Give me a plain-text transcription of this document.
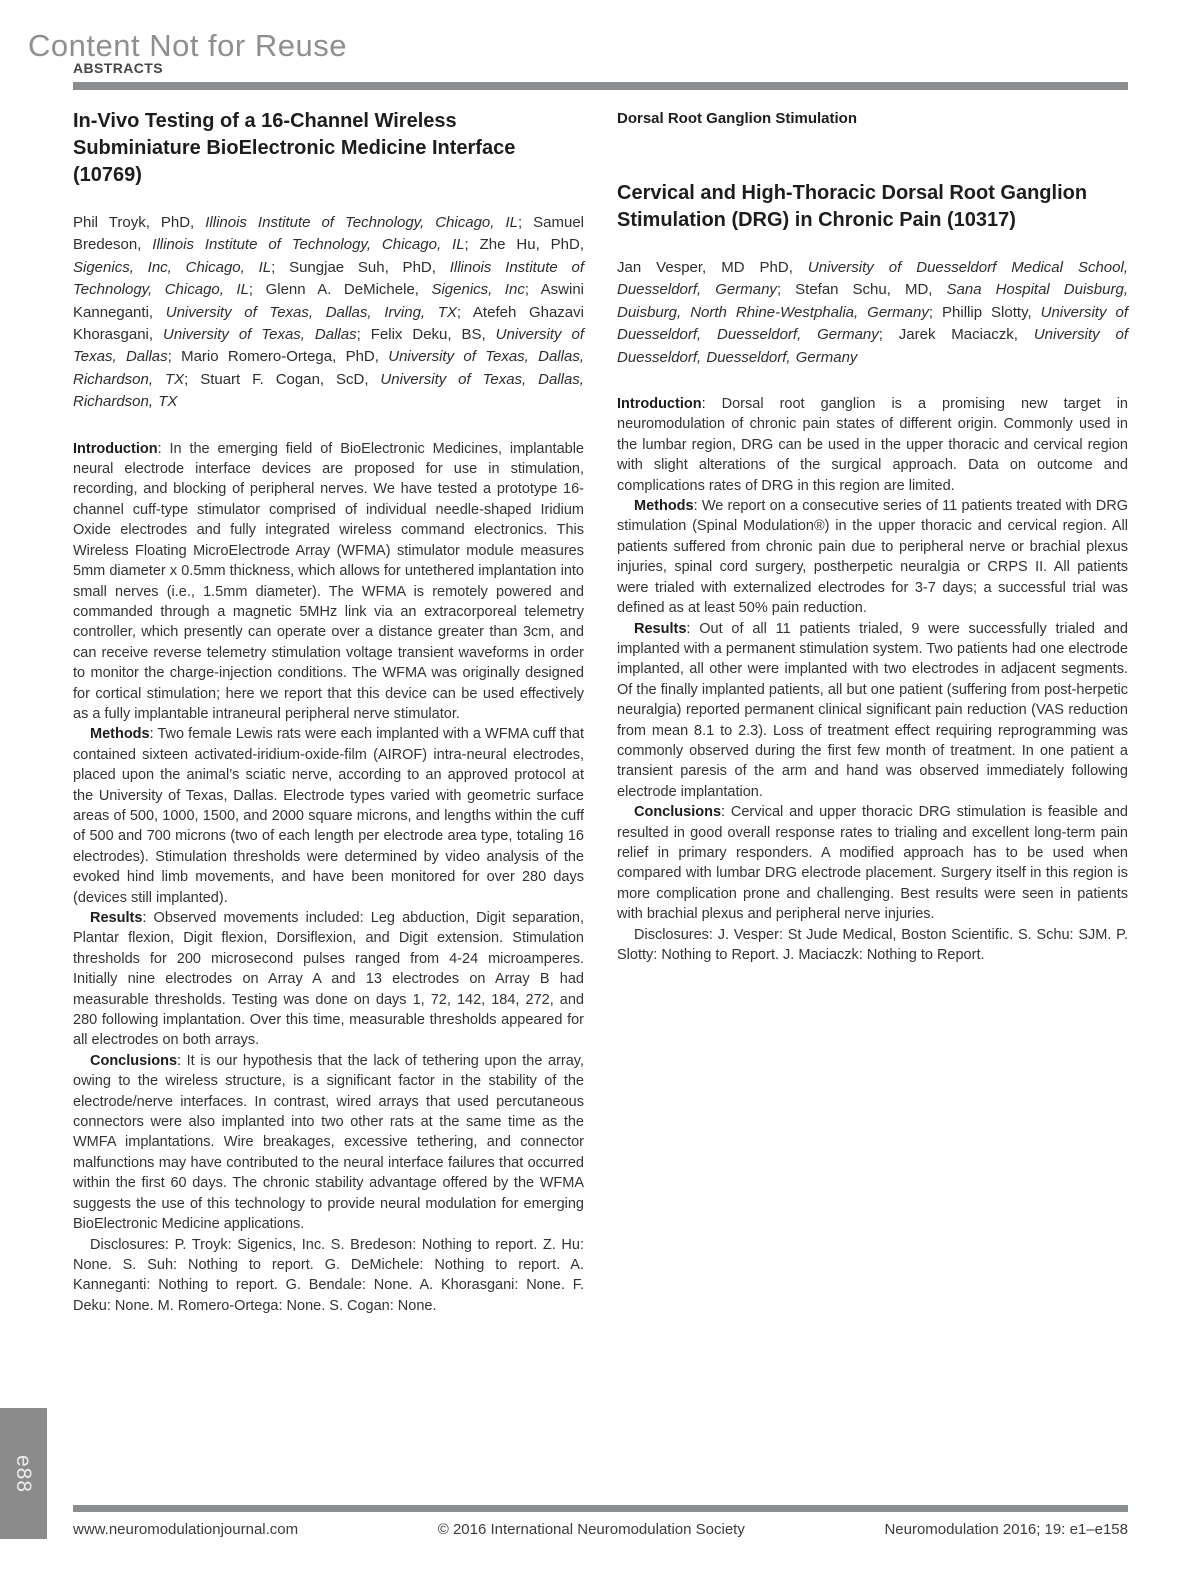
Content Not for Reuse
ABSTRACTS
In-Vivo Testing of a 16-Channel Wireless Subminiature BioElectronic Medicine Interface (10769)

Phil Troyk, PhD, Illinois Institute of Technology, Chicago, IL; Samuel Bredeson, Illinois Institute of Technology, Chicago, IL; Zhe Hu, PhD, Sigenics, Inc, Chicago, IL; Sungjae Suh, PhD, Illinois Institute of Technology, Chicago, IL; Glenn A. DeMichele, Sigenics, Inc; Aswini Kanneganti, University of Texas, Dallas, Irving, TX; Atefeh Ghazavi Khorasgani, University of Texas, Dallas; Felix Deku, BS, University of Texas, Dallas; Mario Romero-Ortega, PhD, University of Texas, Dallas, Richardson, TX; Stuart F. Cogan, ScD, University of Texas, Dallas, Richardson, TX

Introduction : In the emerging field of BioElectronic Medicines, implantable neural electrode interface devices are proposed for use in stimulation, recording, and blocking of peripheral nerves. We have tested a prototype 16-channel cuff-type stimulator comprised of individual needle-shaped Iridium Oxide electrodes and fully integrated wireless command electronics. This Wireless Floating MicroElectrode Array (WFMA) stimulator module measures 5mm diameter x 0.5mm thickness, which allows for untethered implantation into small nerves (i.e., 1.5mm diameter). The WFMA is remotely powered and commanded through a magnetic 5MHz link via an extracorporeal telemetry controller, which presently can operate over a distance greater than 3cm, and can receive reverse telemetry stimulation voltage transient waveforms in order to monitor the charge-injection conditions. The WFMA was originally designed for cortical stimulation; here we report that this device can be used effectively as a fully implantable intraneural peripheral nerve stimulator.

Methods : Two female Lewis rats were each implanted with a WFMA cuff that contained sixteen activated-iridium-oxide-film (AIROF) intra-neural electrodes, placed upon the animal’s sciatic nerve, according to an approved protocol at the University of Texas, Dallas. Electrode types varied with geometric surface areas of 500, 1000, 1500, and 2000 square microns, and lengths within the cuff of 500 and 700 microns (two of each length per electrode area type, totaling 16 electrodes). Stimulation thresholds were determined by video analysis of the evoked hind limb movements, and have been monitored for over 280 days (devices still implanted).

Results : Observed movements included: Leg abduction, Digit separation, Plantar flexion, Digit flexion, Dorsiflexion, and Digit extension. Stimulation thresholds for 200 microsecond pulses ranged from 4-24 microamperes. Initially nine electrodes on Array A and 13 electrodes on Array B had measurable thresholds. Testing was done on days 1, 72, 142, 184, 272, and 280 following implantation. Over this time, measurable thresholds appeared for all electrodes on both arrays.

Conclusions : It is our hypothesis that the lack of tethering upon the array, owing to the wireless structure, is a significant factor in the stability of the electrode/nerve interfaces. In contrast, wired arrays that used percutaneous connectors were also implanted into two other rats at the same time as the WMFA implantations. Wire breakages, excessive tethering, and connector malfunctions may have contributed to the neural interface failures that occurred within the first 60 days. The chronic stability advantage offered by the WFMA suggests the use of this technology to provide neural modulation for emerging BioElectronic Medicine applications.

Disclosures: P. Troyk: Sigenics, Inc. S. Bredeson: Nothing to report. Z. Hu: None. S. Suh: Nothing to report. G. DeMichele: Nothing to report. A. Kanneganti: Nothing to report. G. Bendale: None. A. Khorasgani: None. F. Deku: None. M. Romero-Ortega: None. S. Cogan: None.

Dorsal Root Ganglion Stimulation
Cervical and High-Thoracic Dorsal Root Ganglion Stimulation (DRG) in Chronic Pain (10317)

Jan Vesper, MD PhD, University of Duesseldorf Medical School, Duesseldorf, Germany; Stefan Schu, MD, Sana Hospital Duisburg, Duisburg, North Rhine-Westphalia, Germany; Phillip Slotty, University of Duesseldorf, Duesseldorf, Germany; Jarek Maciaczk, University of Duesseldorf, Duesseldorf, Germany

Introduction : Dorsal root ganglion is a promising new target in neuromodulation of chronic pain states of different origin. Commonly used in the lumbar region, DRG can be used in the upper thoracic and cervical region with slight alterations of the surgical approach. Data on outcome and complications rates of DRG in this region are limited.

Methods : We report on a consecutive series of 11 patients treated with DRG stimulation (Spinal Modulation®) in the upper thoracic and cervical region. All patients suffered from chronic pain due to peripheral nerve or brachial plexus injuries, spinal cord surgery, postherpetic neuralgia or CRPS II. All patients were trialed with externalized electrodes for 3-7 days; a successful trial was defined as at least 50% pain reduction.

Results : Out of all 11 patients trialed, 9 were successfully trialed and implanted with a permanent stimulation system. Two patients had one electrode implanted, all other were implanted with two electrodes in adjacent segments. Of the finally implanted patients, all but one patient (suffering from post-herpetic neuralgia) reported permanent clinical significant pain reduction (VAS reduction from mean 8.1 to 2.3). Loss of treatment effect requiring reprogramming was commonly observed during the first few month of treatment. In one patient a transient paresis of the arm and hand was observed immediately following electrode implantation.

Conclusions : Cervical and upper thoracic DRG stimulation is feasible and resulted in good overall response rates to trialing and excellent long-term pain relief in primary responders. A modified approach has to be used when compared with lumbar DRG electrode placement. Surgery itself in this region is more complication prone and challenging. Best results were seen in patients with brachial plexus and peripheral nerve injuries.

Disclosures: J. Vesper: St Jude Medical, Boston Scientific. S. Schu: SJM. P. Slotty: Nothing to Report. J. Maciaczk: Nothing to Report.

e88
www.neuromodulationjournal.com	© 2016 International Neuromodulation Society	Neuromodulation 2016; 19: e1–e158
